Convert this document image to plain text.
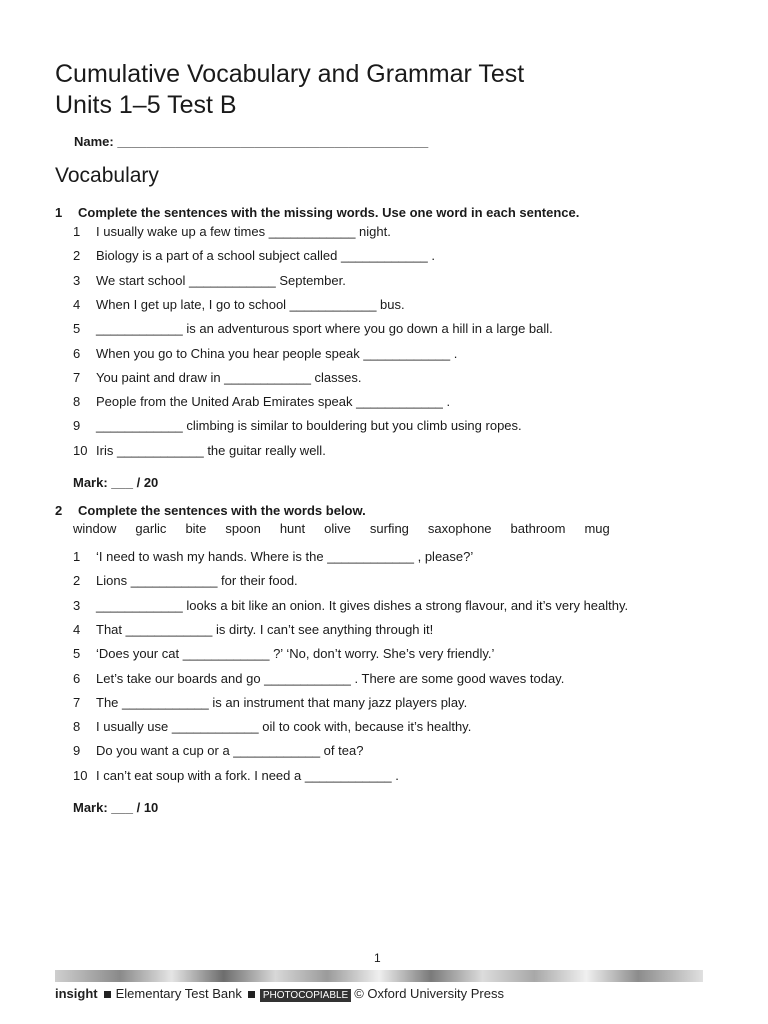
Cumulative Vocabulary and Grammar Test
Units 1–5 Test B
Name: ___________________________________________
Vocabulary
1 Complete the sentences with the missing words. Use one word in each sentence.
1 I usually wake up a few times ____________ night.
2 Biology is a part of a school subject called ____________ .
3 We start school ____________ September.
4 When I get up late, I go to school ____________ bus.
5 ____________ is an adventurous sport where you go down a hill in a large ball.
6 When you go to China you hear people speak ____________ .
7 You paint and draw in ____________ classes.
8 People from the United Arab Emirates speak ____________ .
9 ____________ climbing is similar to bouldering but you climb using ropes.
10 Iris ____________ the guitar really well.
Mark: ___ / 20
2 Complete the sentences with the words below.
window garlic bite spoon hunt olive surfing saxophone bathroom mug
1 ‘I need to wash my hands. Where is the ____________ , please?’
2 Lions ____________ for their food.
3 ____________ looks a bit like an onion. It gives dishes a strong flavour, and it’s very healthy.
4 That ____________ is dirty. I can’t see anything through it!
5 ‘Does your cat ____________ ?’ ‘No, don’t worry. She’s very friendly.’
6 Let’s take our boards and go ____________ . There are some good waves today.
7 The ____________ is an instrument that many jazz players play.
8 I usually use ____________ oil to cook with, because it’s healthy.
9 Do you want a cup or a ____________ of tea?
10 I can’t eat soup with a fork. I need a ____________ .
Mark: ___ / 10
1
insight Elementary Test Bank PHOTOCOPIABLE © Oxford University Press
